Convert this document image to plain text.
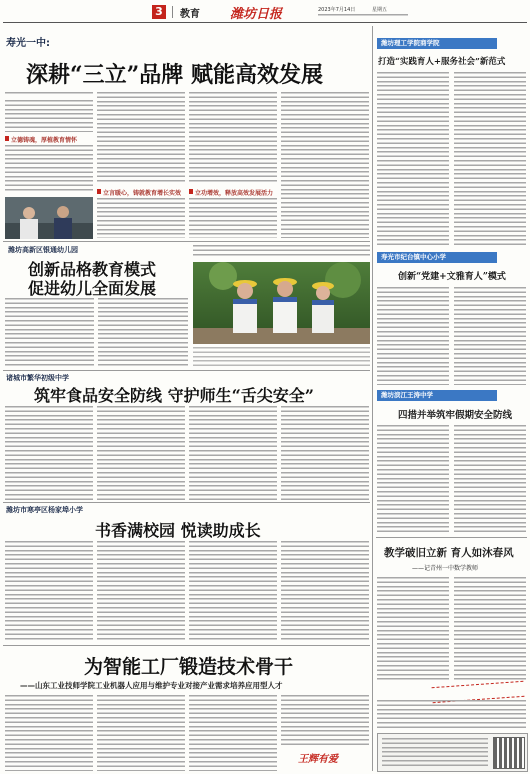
3	教育 潍坊日报	2023年7月14日	星期五
寿光一中:
深耕“三立”品牌 赋能高效发展
立德铸魂，厚植教育情怀
立言暖心，铸就教育增长实效	立功增效，释放高效发展活力
潍坊高新区银通幼儿园
创新品格教育模式
促进幼儿全面发展
诸城市繁华初级中学
筑牢食品安全防线 守护师生“舌尖安全”
潍坊市寒亭区杨家埠小学
书香满校园 悦读助成长
为智能工厂锻造技术骨干
——山东工业技师学院工业机器人应用与维护专业对接产业需求培养应用型人才
王辉有爱
潍坊理工学院商学院
打造“实践育人+服务社会”新范式
寿光市纪台镇中心小学
创新“党建+文雅育人”模式
潍坊滨江王涛中学
四措并举筑牢假期安全防线
教学破旧立新 育人如沐春风
——记青州一中数学教师
